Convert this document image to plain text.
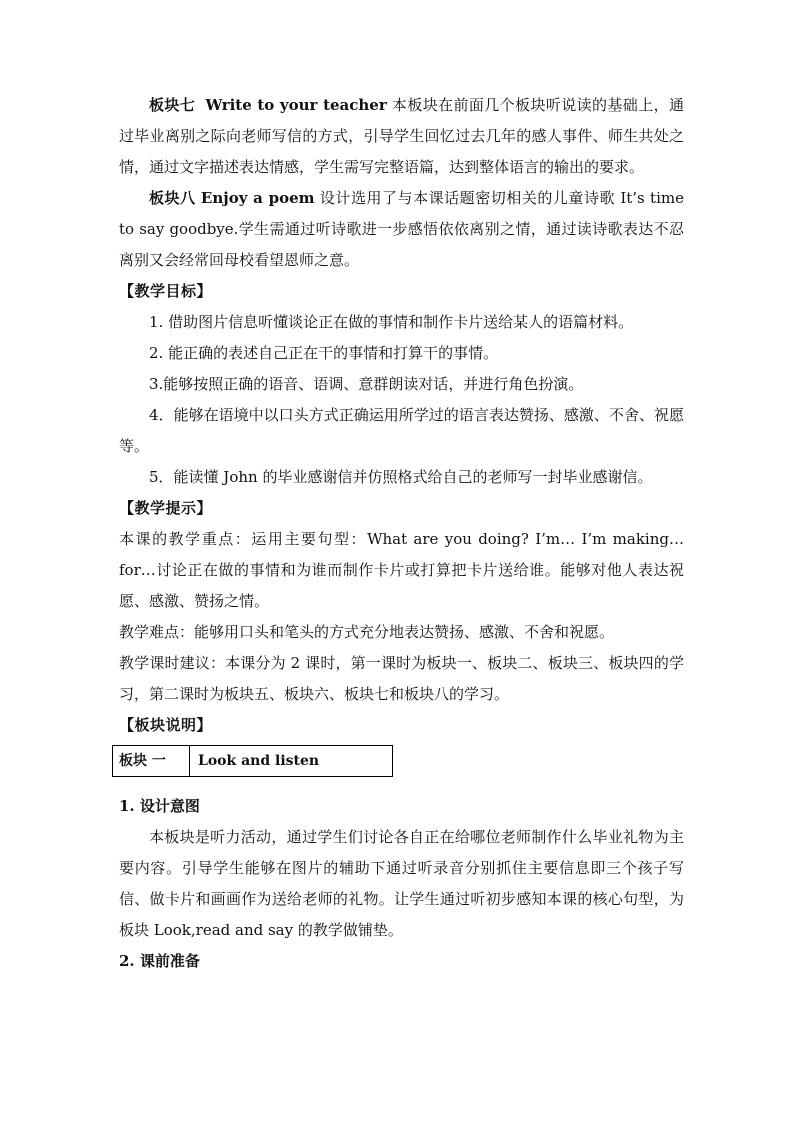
板块七 Write to your teacher 本板块在前面几个板块听说读的基础上，通过毕业离别之际向老师写信的方式，引导学生回忆过去几年的感人事件、师生共处之情，通过文字描述表达情感，学生需写完整语篇，达到整体语言的输出的要求。

板块八 Enjoy a poem 设计选用了与本课话题密切相关的儿童诗歌 It’s time to say goodbye.学生需通过听诗歌进一步感悟依依离别之情，通过读诗歌表达不忍离别又会经常回母校看望恩师之意。

【教学目标】

1. 借助图片信息听懂谈论正在做的事情和制作卡片送给某人的语篇材料。

2. 能正确的表述自己正在干的事情和打算干的事情。

3.能够按照正确的语音、语调、意群朗读对话，并进行角色扮演。

4．能够在语境中以口头方式正确运用所学过的语言表达赞扬、感激、不舍、祝愿等。

5．能读懂 John 的毕业感谢信并仿照格式给自己的老师写一封毕业感谢信。

【教学提示】

本课的教学重点：运用主要句型：What are you doing? I’m… I’m making… for…讨论正在做的事情和为谁而制作卡片或打算把卡片送给谁。能够对他人表达祝愿、感激、赞扬之情。

教学难点：能够用口头和笔头的方式充分地表达赞扬、感激、不舍和祝愿。

教学课时建议：本课分为 2 课时，第一课时为板块一、板块二、板块三、板块四的学习，第二课时为板块五、板块六、板块七和板块八的学习。

【板块说明】

板块 一	Look and listen

1. 设计意图

本板块是听力活动，通过学生们讨论各自正在给哪位老师制作什么毕业礼物为主要内容。引导学生能够在图片的辅助下通过听录音分别抓住主要信息即三个孩子写信、做卡片和画画作为送给老师的礼物。让学生通过听初步感知本课的核心句型，为板块 Look,read and say 的教学做铺垫。

2. 课前准备
